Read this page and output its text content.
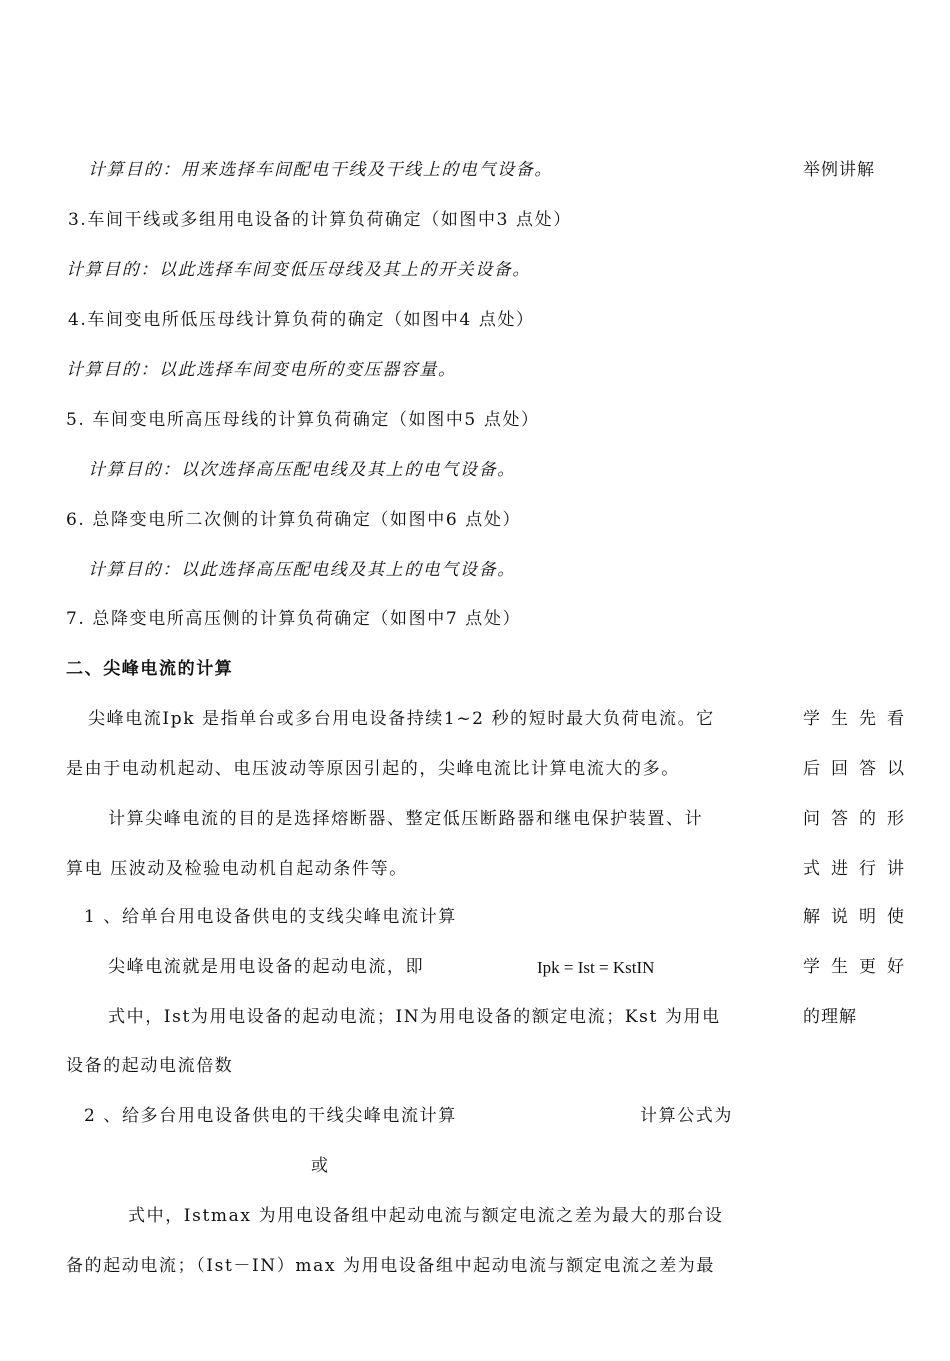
计算目的：用来选择车间配电干线及干线上的电气设备。
3.车间干线或多组用电设备的计算负荷确定（如图中3 点处）
计算目的：以此选择车间变低压母线及其上的开关设备。
4.车间变电所低压母线计算负荷的确定（如图中4 点处）
计算目的：以此选择车间变电所的变压器容量。
5. 车间变电所高压母线的计算负荷确定（如图中5 点处）
计算目的：以次选择高压配电线及其上的电气设备。
6. 总降变电所二次侧的计算负荷确定（如图中6 点处）
计算目的：以此选择高压配电线及其上的电气设备。
7. 总降变电所高压侧的计算负荷确定（如图中7 点处）
二、尖峰电流的计算
尖峰电流Ipk 是指单台或多台用电设备持续1~2 秒的短时最大负荷电流。它
是由于电动机起动、电压波动等原因引起的，尖峰电流比计算电流大的多。
计算尖峰电流的目的是选择熔断器、整定低压断路器和继电保护装置、计
算电 压波动及检验电动机自起动条件等。
1 、给单台用电设备供电的支线尖峰电流计算
尖峰电流就是用电设备的起动电流，即	Ipk = Ist = KstIN
式中，Ist为用电设备的起动电流；IN为用电设备的额定电流；Kst 为用电
设备的起动电流倍数
2 、给多台用电设备供电的干线尖峰电流计算	计算公式为
或
式中，Istmax 为用电设备组中起动电流与额定电流之差为最大的那台设
备的起动电流；（Ist－IN）max 为用电设备组中起动电流与额定电流之差为最
举例讲解
学生先看
后回答以
问答的形
式进行讲
解说明使
学生更好
的理解
